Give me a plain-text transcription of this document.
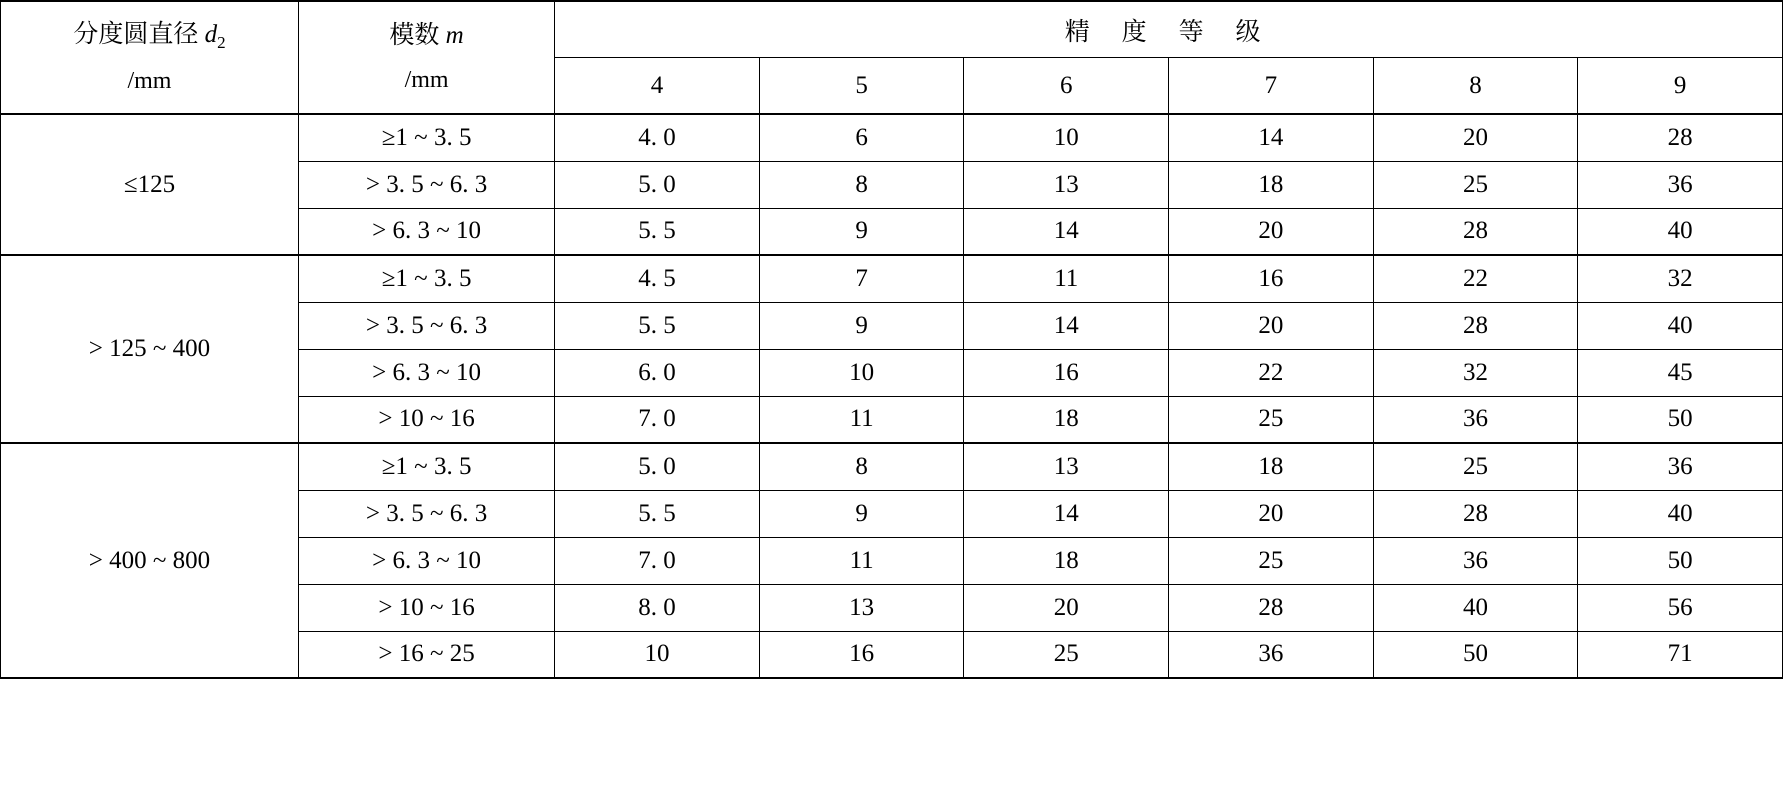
分度圆直径 $d_2$
/mm

模数 m
/mm
	精 度 等 级
		4	5	6	7	8	9
≤125	≥1 ~ 3. 5	4. 0	6	10	14	20	28
	> 3. 5 ~ 6. 3	5. 0	8	13	18	25	36
	> 6. 3 ~ 10	5. 5	9	14	20	28	40
> 125 ~ 400	≥1 ~ 3. 5	4. 5	7	11	16	22	32
	> 3. 5 ~ 6. 3	5. 5	9	14	20	28	40
	> 6. 3 ~ 10	6. 0	10	16	22	32	45
	> 10 ~ 16	7. 0	11	18	25	36	50
> 400 ~ 800	≥1 ~ 3. 5	5. 0	8	13	18	25	36
	> 3. 5 ~ 6. 3	5. 5	9	14	20	28	40
	> 6. 3 ~ 10	7. 0	11	18	25	36	50
	> 10 ~ 16	8. 0	13	20	28	40	56
	> 16 ~ 25	10	16	25	36	50	71
